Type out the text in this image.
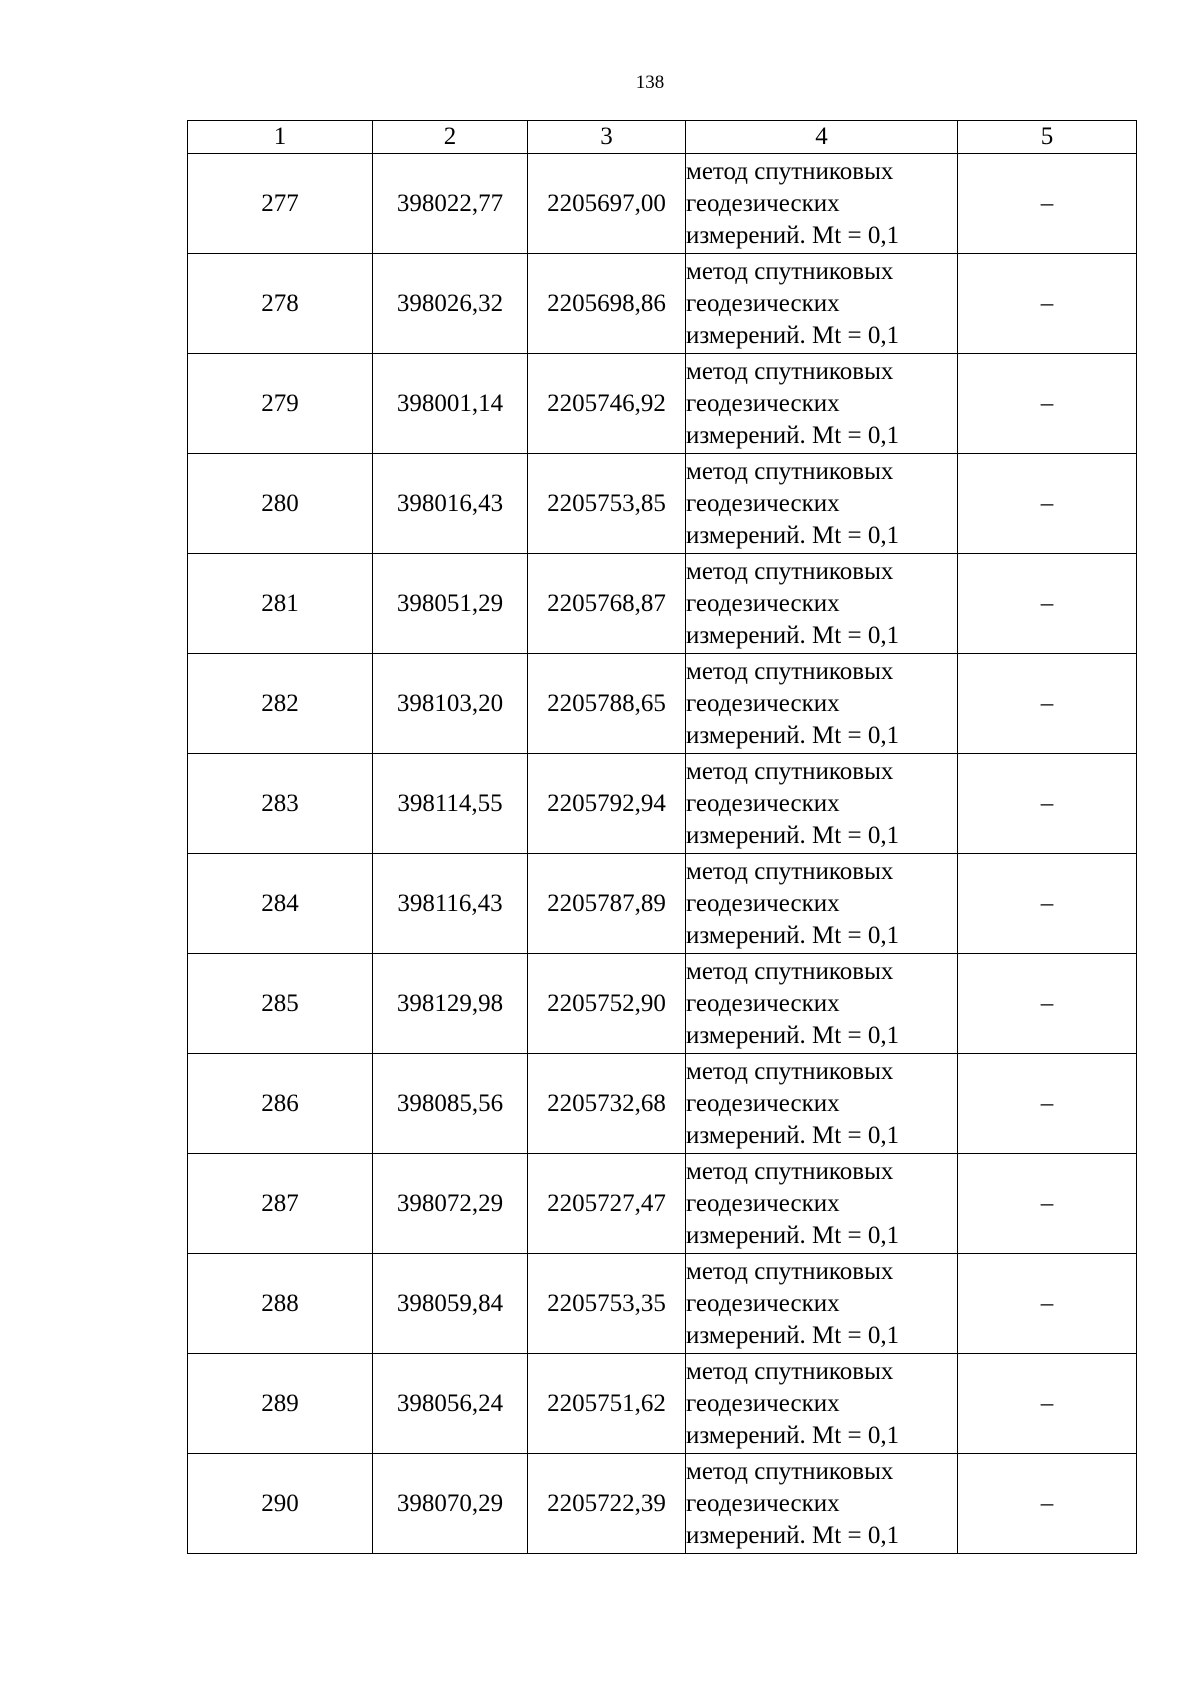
138
1	2	3	4	5
277	398022,77	2205697,00	метод спутниковых
геодезических
измерений. Mt = 0,1	–
278	398026,32	2205698,86	метод спутниковых
геодезических
измерений. Mt = 0,1	–
279	398001,14	2205746,92	метод спутниковых
геодезических
измерений. Mt = 0,1	–
280	398016,43	2205753,85	метод спутниковых
геодезических
измерений. Mt = 0,1	–
281	398051,29	2205768,87	метод спутниковых
геодезических
измерений. Mt = 0,1	–
282	398103,20	2205788,65	метод спутниковых
геодезических
измерений. Mt = 0,1	–
283	398114,55	2205792,94	метод спутниковых
геодезических
измерений. Mt = 0,1	–
284	398116,43	2205787,89	метод спутниковых
геодезических
измерений. Mt = 0,1	–
285	398129,98	2205752,90	метод спутниковых
геодезических
измерений. Mt = 0,1	–
286	398085,56	2205732,68	метод спутниковых
геодезических
измерений. Mt = 0,1	–
287	398072,29	2205727,47	метод спутниковых
геодезических
измерений. Mt = 0,1	–
288	398059,84	2205753,35	метод спутниковых
геодезических
измерений. Mt = 0,1	–
289	398056,24	2205751,62	метод спутниковых
геодезических
измерений. Mt = 0,1	–
290	398070,29	2205722,39	метод спутниковых
геодезических
измерений. Mt = 0,1	–
